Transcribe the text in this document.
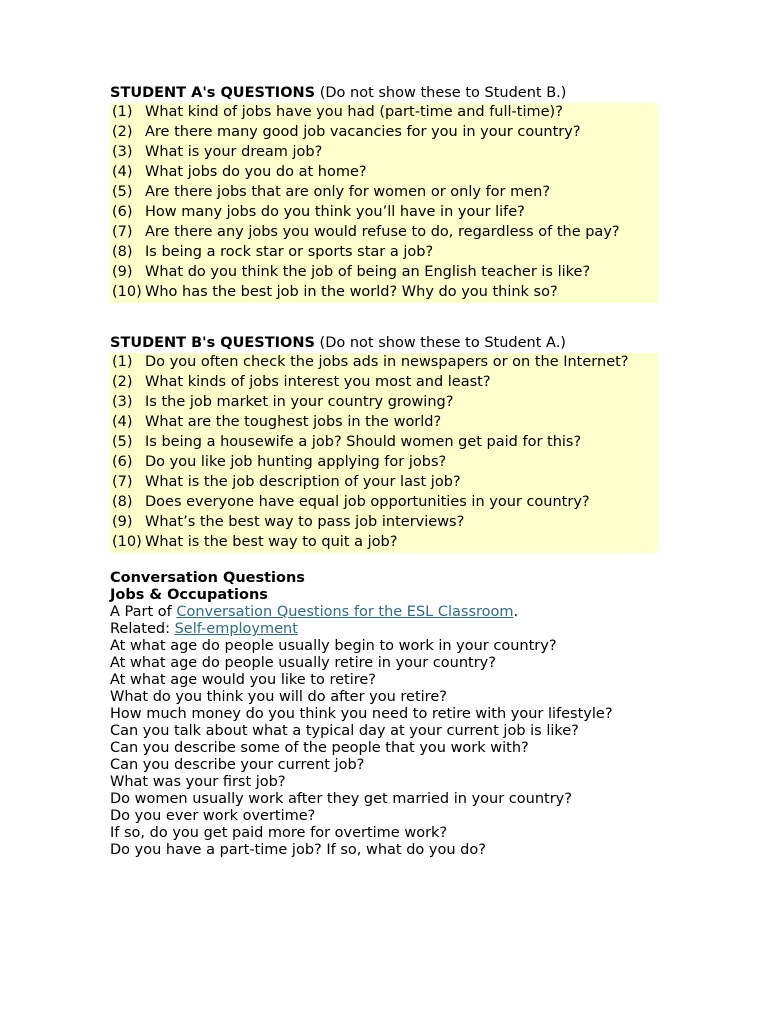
STUDENT A's QUESTIONS (Do not show these to Student B.)
(1) What kind of jobs have you had (part-time and full-time)?
(2) Are there many good job vacancies for you in your country?
(3) What is your dream job?
(4) What jobs do you do at home?
(5) Are there jobs that are only for women or only for men?
(6) How many jobs do you think you’ll have in your life?
(7) Are there any jobs you would refuse to do, regardless of the pay?
(8) Is being a rock star or sports star a job?
(9) What do you think the job of being an English teacher is like?
(10) Who has the best job in the world? Why do you think so?
STUDENT B's QUESTIONS (Do not show these to Student A.)
(1) Do you often check the jobs ads in newspapers or on the Internet?
(2) What kinds of jobs interest you most and least?
(3) Is the job market in your country growing?
(4) What are the toughest jobs in the world?
(5) Is being a housewife a job? Should women get paid for this?
(6) Do you like job hunting applying for jobs?
(7) What is the job description of your last job?
(8) Does everyone have equal job opportunities in your country?
(9) What’s the best way to pass job interviews?
(10) What is the best way to quit a job?
Conversation Questions
Jobs & Occupations
A Part of Conversation Questions for the ESL Classroom.
Related: Self-employment
At what age do people usually begin to work in your country?
At what age do people usually retire in your country?
At what age would you like to retire?
What do you think you will do after you retire?
How much money do you think you need to retire with your lifestyle?
Can you talk about what a typical day at your current job is like?
Can you describe some of the people that you work with?
Can you describe your current job?
What was your first job?
Do women usually work after they get married in your country?
Do you ever work overtime?
If so, do you get paid more for overtime work?
Do you have a part-time job? If so, what do you do?
